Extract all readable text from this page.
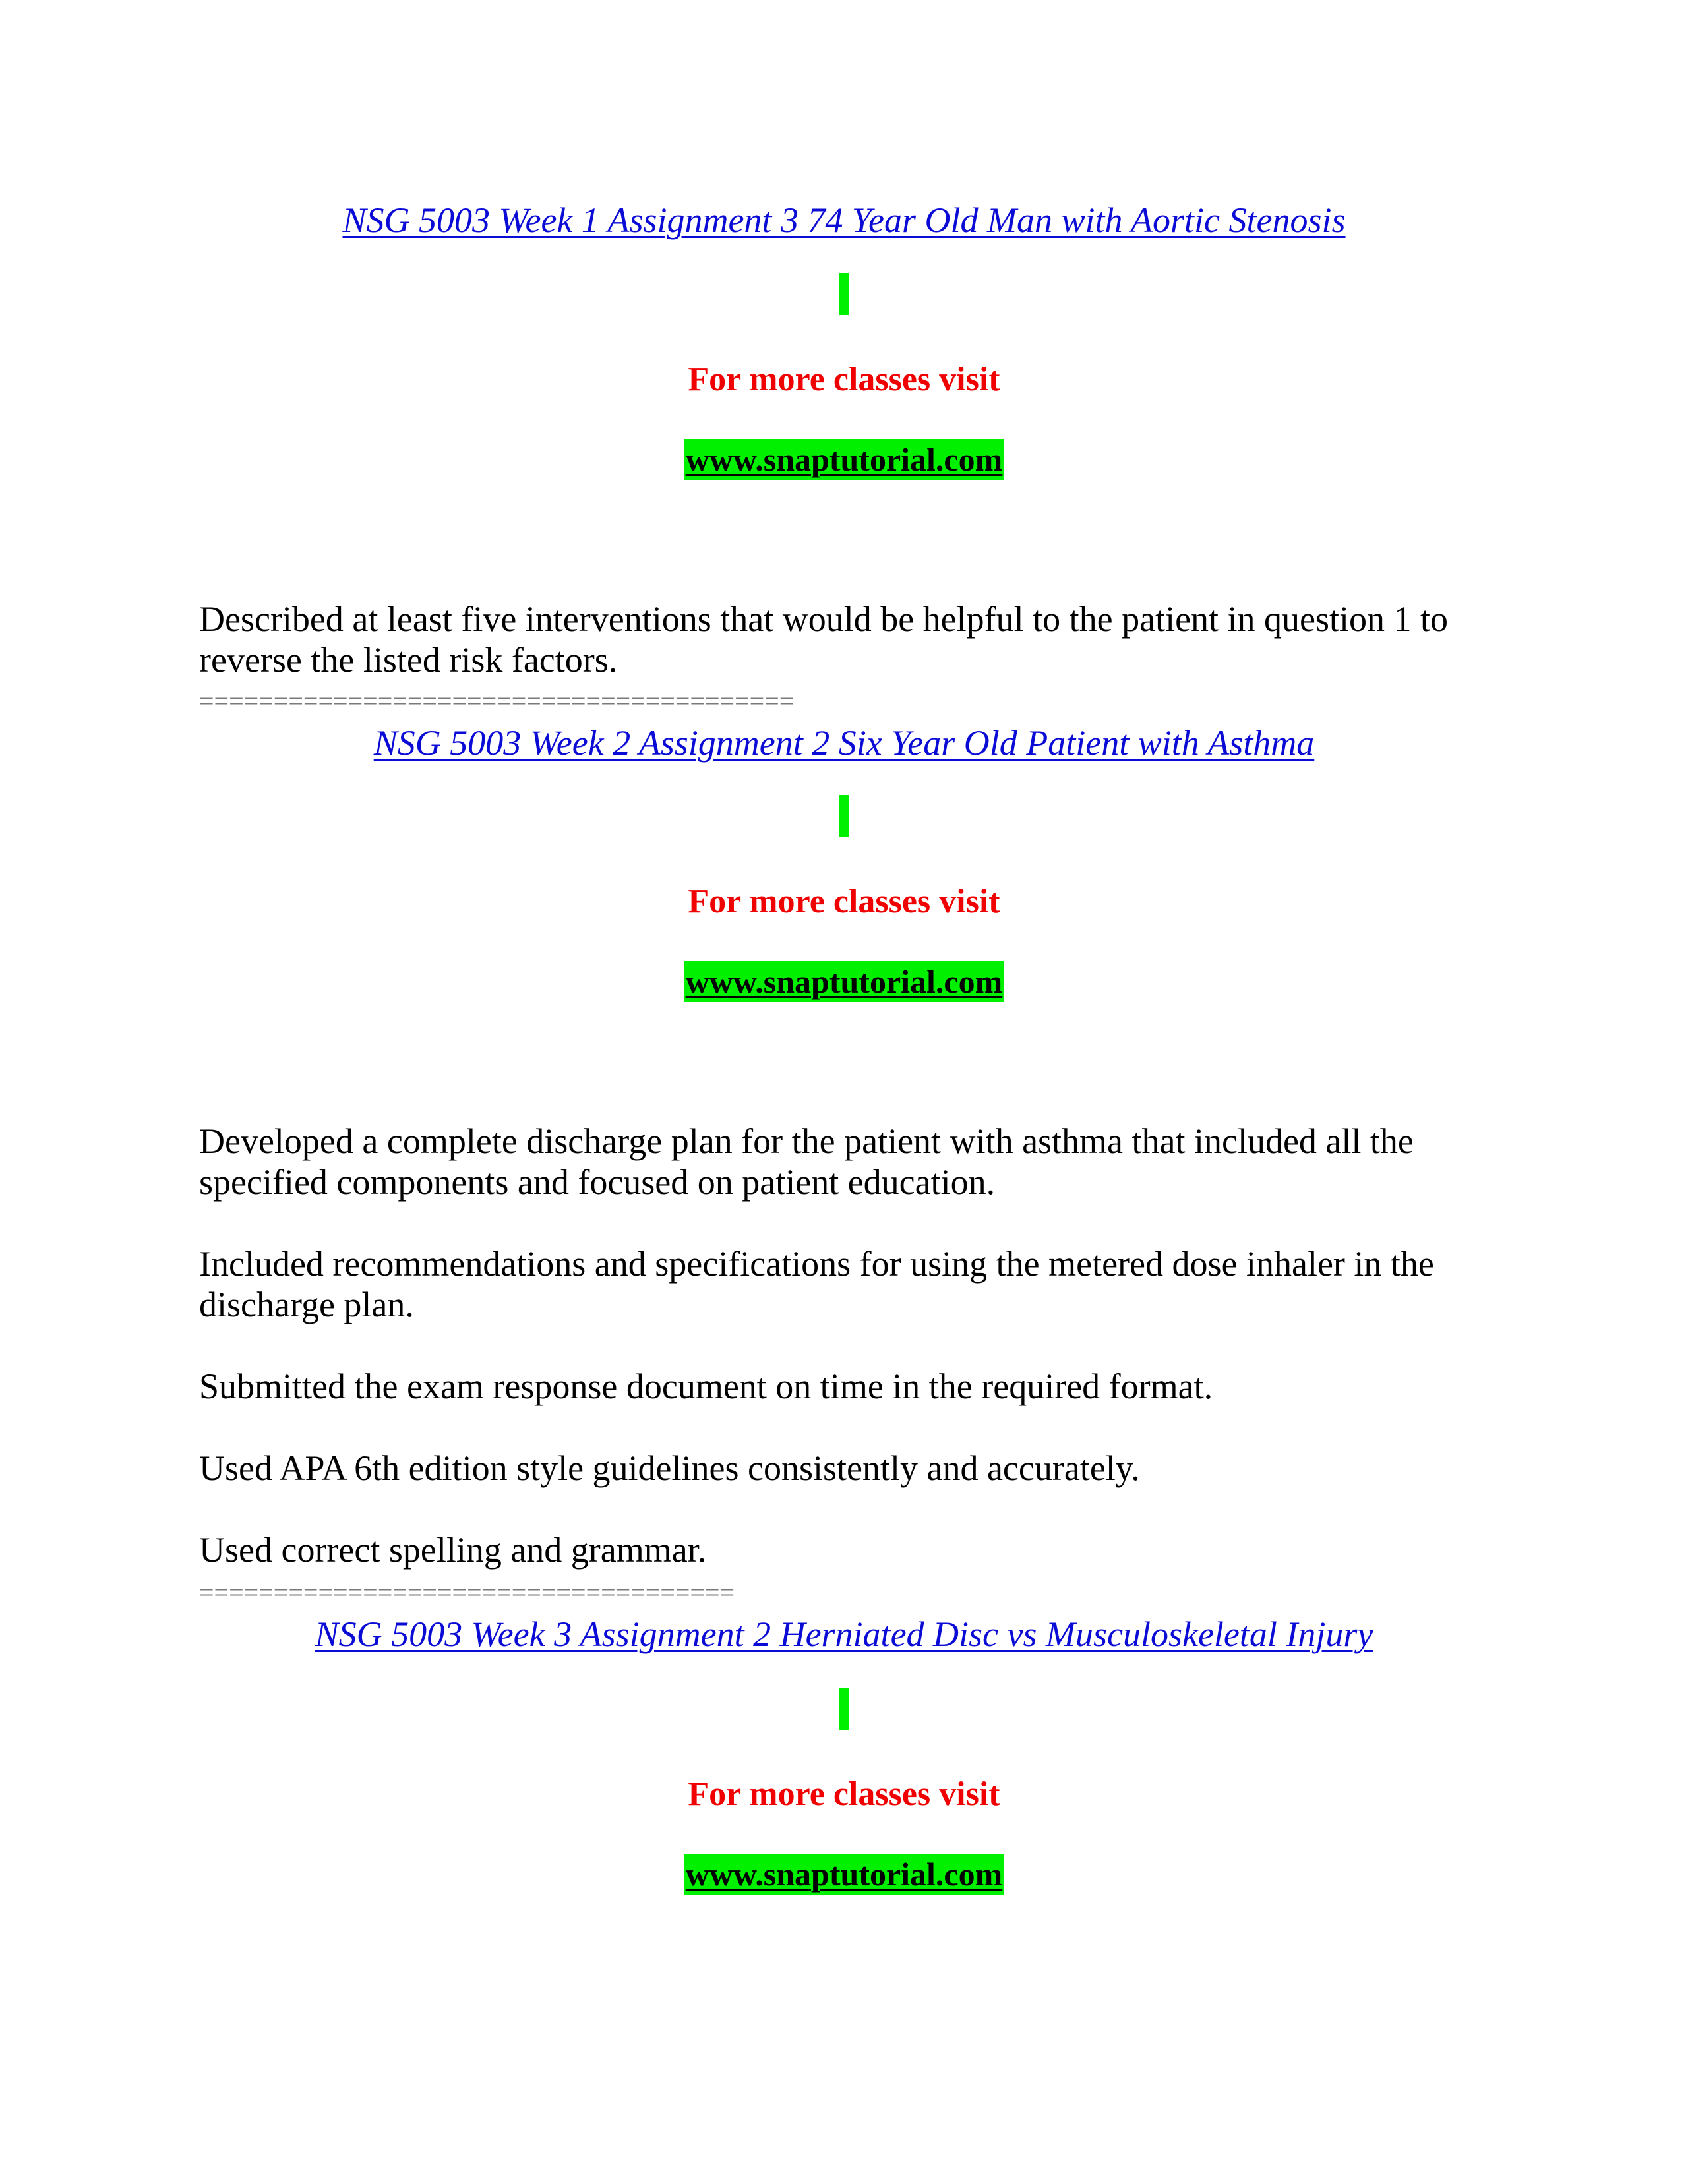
NSG 5003 Week 1 Assignment 3 74 Year Old Man with Aortic Stenosis
For more classes visit
www.snaptutorial.com

Described at least five interventions that would be helpful to the patient in question 1 to reverse the listed risk factors.

========================================
NSG 5003 Week 2 Assignment 2 Six Year Old Patient with Asthma
For more classes visit
www.snaptutorial.com

Developed a complete discharge plan for the patient with asthma that included all the specified components and focused on patient education.

Included recommendations and specifications for using the metered dose inhaler in the discharge plan.

Submitted the exam response document on time in the required format.

Used APA 6th edition style guidelines consistently and accurately.

Used correct spelling and grammar.

====================================
NSG 5003 Week 3 Assignment 2 Herniated Disc vs Musculoskeletal Injury
For more classes visit
www.snaptutorial.com
